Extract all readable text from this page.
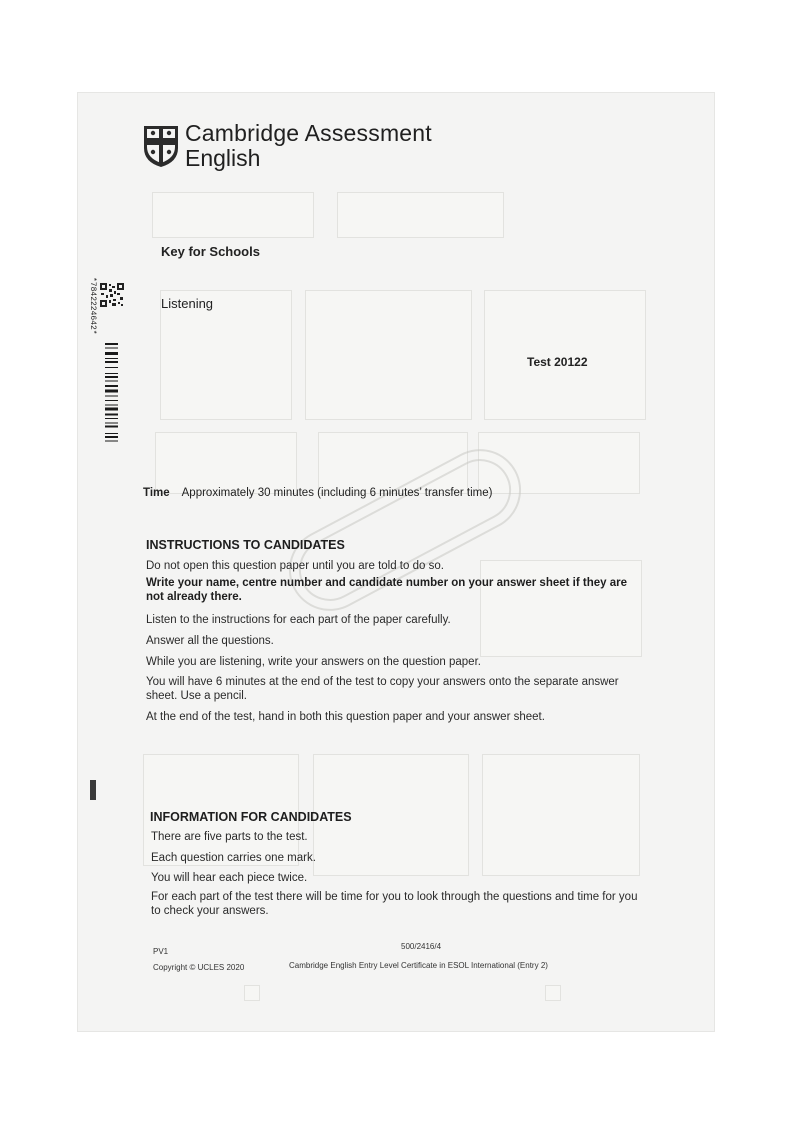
Cambridge Assessment
English
Key for Schools
Listening
Test 20122
*7842224642*
Time Approximately 30 minutes (including 6 minutes’ transfer time)
INSTRUCTIONS TO CANDIDATES
Do not open this question paper until you are told to do so.
Write your name, centre number and candidate number on your answer sheet if they are not already there.
Listen to the instructions for each part of the paper carefully.
Answer all the questions.
While you are listening, write your answers on the question paper.
You will have 6 minutes at the end of the test to copy your answers onto the separate answer sheet. Use a pencil.
At the end of the test, hand in both this question paper and your answer sheet.
INFORMATION FOR CANDIDATES
There are five parts to the test.
Each question carries one mark.
You will hear each piece twice.
For each part of the test there will be time for you to look through the questions and time for you to check your answers.
PV1
500/2416/4
Copyright © UCLES 2020	Cambridge English Entry Level Certificate in ESOL International (Entry 2)
